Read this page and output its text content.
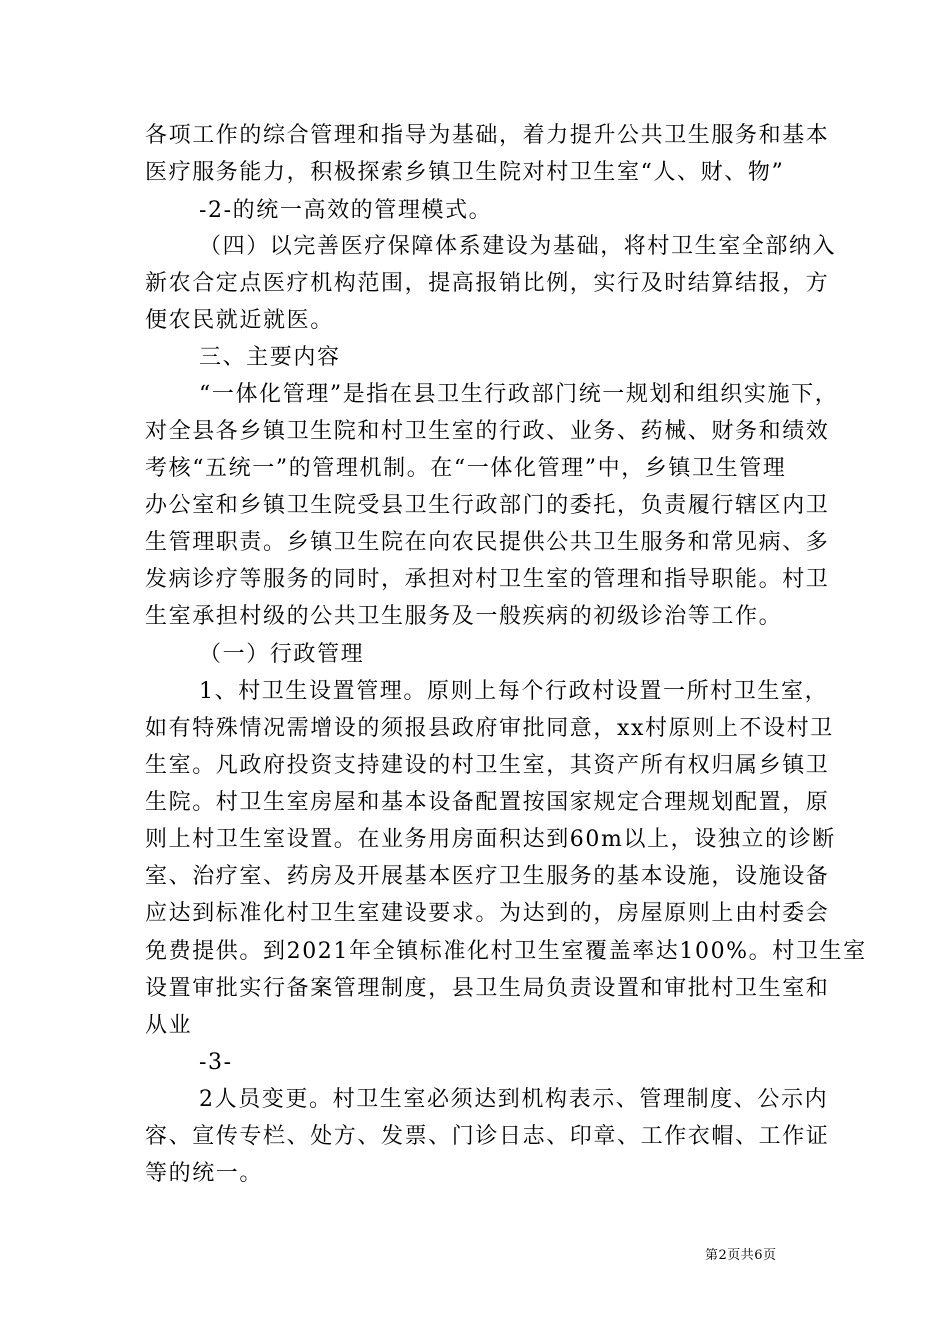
各项工作的综合管理和指导为基础，着力提升公共卫生服务和基本
医疗服务能力，积极探索乡镇卫生院对村卫生室“人、财、物”
-2-的统一高效的管理模式。
（四）以完善医疗保障体系建设为基础，将村卫生室全部纳入
新农合定点医疗机构范围，提高报销比例，实行及时结算结报，方
便农民就近就医。
三、主要内容
“一体化管理”是指在县卫生行政部门统一规划和组织实施下，
对全县各乡镇卫生院和村卫生室的行政、业务、药械、财务和绩效
考核“五统一”的管理机制。在“一体化管理”中，乡镇卫生管理
办公室和乡镇卫生院受县卫生行政部门的委托，负责履行辖区内卫
生管理职责。乡镇卫生院在向农民提供公共卫生服务和常见病、多
发病诊疗等服务的同时，承担对村卫生室的管理和指导职能。村卫
生室承担村级的公共卫生服务及一般疾病的初级诊治等工作。
（一）行政管理
1、村卫生设置管理。原则上每个行政村设置一所村卫生室，
如有特殊情况需增设的须报县政府审批同意，xx村原则上不设村卫
生室。凡政府投资支持建设的村卫生室，其资产所有权归属乡镇卫
生院。村卫生室房屋和基本设备配置按国家规定合理规划配置，原
则上村卫生室设置。在业务用房面积达到60m以上，设独立的诊断
室、治疗室、药房及开展基本医疗卫生服务的基本设施，设施设备
应达到标准化村卫生室建设要求。为达到的，房屋原则上由村委会
免费提供。到2021年全镇标准化村卫生室覆盖率达100%。村卫生室
设置审批实行备案管理制度，县卫生局负责设置和审批村卫生室和
从业
-3-
2人员变更。村卫生室必须达到机构表示、管理制度、公示内
容、宣传专栏、处方、发票、门诊日志、印章、工作衣帽、工作证
等的统一。
第2页共6页
